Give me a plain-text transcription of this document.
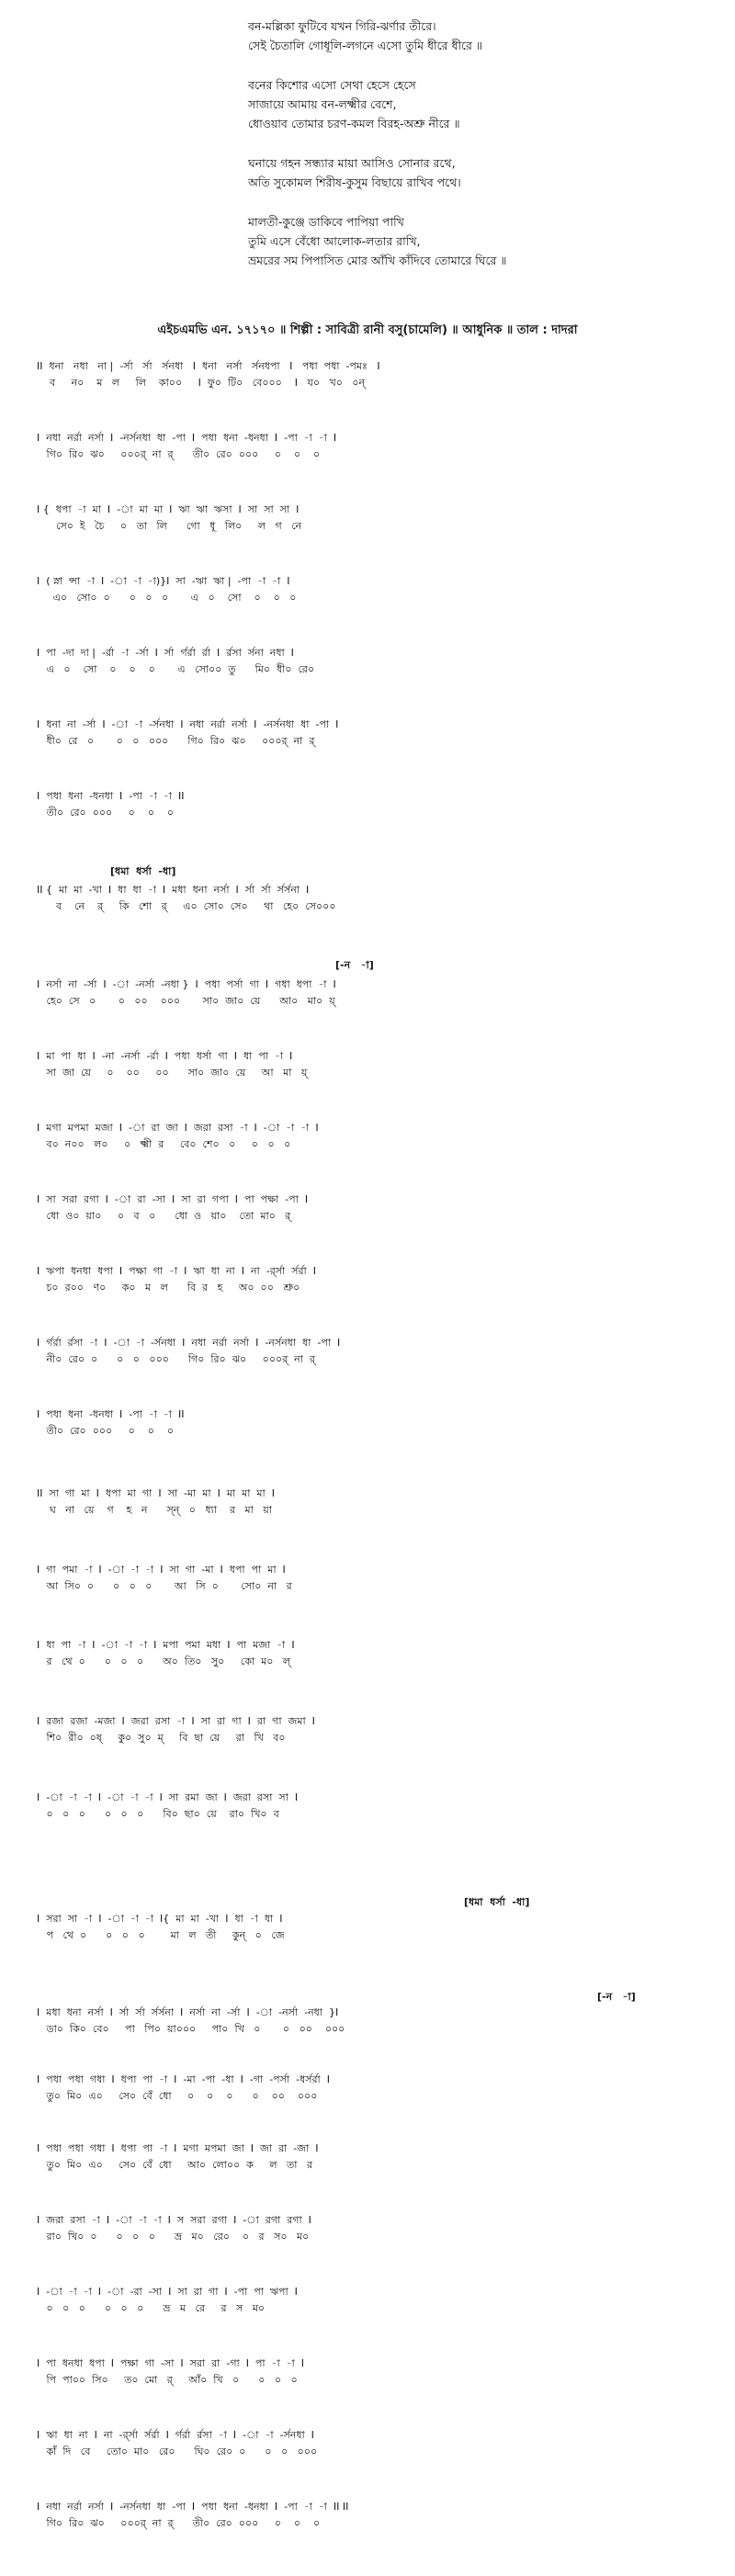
বন-মল্লিকা ফুটিবে যখন গিরি-ঝর্ণার তীরে।
সেই চৈতালি গোধূলি-লগনে এসো তুমি ধীরে ধীরে ॥
বনের কিশোর এসো সেথা হেসে হেসে
সাজায়ে আমায় বন-লক্ষ্মীর বেশে,
ধোওয়াব তোমার চরণ-কমল বিরহ-অশ্রু নীরে ॥
ঘনায়ে গহন সন্ধ্যার মায়া আসিও সোনার রথে,
অতি সুকোমল শিরীষ-কুসুম বিছায়ে রাখিব পথে।
মালতী-কুঞ্জে ডাকিবে পাপিয়া পাখি
তুমি এসে বেঁধো আলোক-লতার রাখি,
ভ্রমরের সম পিপাসিত মোর আঁখি কাঁদিবে তোমারে ঘিরে ॥
এইচএমভি এন. ১৭১৭০ ॥ শিল্পী : সাবিত্রী রানী বসু(চামেলি) ॥ আধুনিক ॥ তাল : দাদরা
[ধমা  ধর্সা  -ধা]
[-ন   -া]
[ধমা  ধর্সা  -ধা]
[-ন   -া]
II  ধনা   নধা   না |  -র্সা   র্সা   র্সনধা   I  ধনা   নর্সা   র্সনধপা   I   পধা  পধা  -পমঃ   I
ব     ন০    ম   ল     লি    কা০০     I  ফু০  টি০   বে০০০    I   য০   খ০   ০ন্
I  নধা  নর্রা  নর্সা  I  -নর্সনধা  ধা  -পা  I  পধা  ধনা  -ধনধা  I  -পা  -া  -া  I
গি০  রি০  ঝ০     ০০০র্  না  র্      তী০  রে০  ০০০     ০    ০    ০
I {  ধপা  -া  মা  I  -া  মা  মা  I  ঋা  ঋা  ঋসা  I  সা  সা  সা  I
সে০  ই   চৈ     ০   তা   লি      গো   ধূ   লি০     ল   গ   নে
I  ( স্না  ন্সা  -া  I  -া  -া  -া)}I  সা  -ঋা  ঋা |  -পা  -া  -া  I
এ০   সো০  ০      ০   ০   ০       এ   ০    সো    ০    ০   ০
I  পা  -দা  দা |  -র্রা  -া  -র্সা  I  র্সা  র্গর্রা  র্রা  I  র্রসা  র্সনা  নধা  I
এ   ০    সো    ০    ০    ০       এ   সো০০  তু      মি০  ধী০  রে০
I  ধনা  না  -র্সা  I  -া  -া  -র্সনধা  I  নধা  নর্রা  নর্সা  I  -নর্সনধা  ধা  -পা  I
ধী০  রে   ০       ০   ০   ০০০      গি০  রি০  ঝ০     ০০০র্  না  র্
I  পধা  ধনা  -ধনধা  I  -পা  -া  -া  II
তী০  রে০  ০০০     ০    ০    ০
II {  মা  মা  -খা  I  ধা  ধা  -া  I  মধা  ধনা  নর্সা  I  র্সা  র্সা  র্সর্সনা  I
ব    নে    র্     কি   শো   র্     এ০  সো০  সে০     থা   হে০  সে০০০
I  নর্সা  না  -র্সা  I  -া  -নর্সা  -নধা }  I  পধা  পর্সা  গা  I  গধা  ধপা  -া  I
হে০  সে   ০       ০   ০০    ০০০       সা০  জা০  য়ে      আ০   মা০  য়্
I  মা  পা  ধা  I  -না  -নর্সা  -র্রা  I  পধা  ধর্সা  গা  I  ধা  পা  -া  I
সা  জা  য়ে     ০    ০০     ০০      সা০  জা০  য়ে     আ   মা   য়্
I  মগা  মপমা  মজা  I  -া  রা  জা  I  জরা  রসা  -া  I  -া  -া  -া  I
ব০  ন০০   ল০     ০   ক্ষ্মী  র     বে০  শে০   ০     ০   ০   ০
I  সা  সরা  রগা  I  -া  রা  -সা  I  সা  রা  গপা  I  পা  পক্ষা  -পা  I
ধো  ও০  য়া০     ০   ব   ০      ধো  ও   য়া০    তো  মা০   র্
I  ঋপা  ধনধা  ধপা  I  পক্ষা  গা  -া  I  ঋা  ধা  না  I  না  -র্র্সা  র্সর্রা  I
চ০  র০০   ণ০     ক০   ম   ল      বি  র   হ     অ০  ০০   শ্রু০
I  র্গর্রা  র্রসা  -া  I  -া  -া  -র্সনধা  I  নধা  নর্রা  নর্সা  I  -নর্সনধা  ধা  -পা  I
নী০  রে০  ০      ০   ০   ০০০      গি০  রি০  ঝ০     ০০০র্  না  র্
I  পধা  ধনা  -ধনধা  I  -পা  -া  -া  II
তী০  রে০  ০০০     ০    ০    ০
II  সা  গা  মা  I  ধপা  মা  গা  I  সা  -মা  মা  I  মা  মা  মা  I
ঘ   না   য়ে    গ    হ   ন      স্ন্   ০   ধ্যা    র   মা   য়া
I  গা  পমা  -া  I  -া  -া  -া  I  সা  গা  -মা  I  ধপা  পা  মা  I
আ  সি০  ০      ০   ০   ০       আ   সি  ০       সো০  না   র
I  ধা  পা  -া  I  -া  -া  -া  I  মপা  পমা  মধা  I  পা  মজা  -া  I
র   থে  ০      ০   ০   ০      অ০  তি০   সু০     কো  ম০   ল্
I  রজা  রজা  -মজা  I  জরা  রসা  -া  I  সা  রা  গা  I  রা  গা  জমা  I
শি০  রী০  ০ষ্     কু০  সু০  ম্     বি  ছা  য়ে     রা   খি   ব০
I  -া  -া  -া  I  -া  -া  -া  I  সা  রমা  জা  I  জরা  রসা  সা  I
০   ০   ০      ০   ০   ০      বি০  ছা০  য়ে    রা০  খি০  ব
I  সরা  সা  -া  I  -া  -া  -া  I{  মা  মা  -খা  I  ধা  -া  ধা  I
প   থে  ০      ০   ০   ০        মা   ল   তী     কুন্   ০   জে
I  মধা  ধনা  নর্সা  I  র্সা  র্সা  র্সর্সনা  I  নর্সা  না  -র্সা  I  -া  -নর্সা  -নধা  }I
ডা০  কি০  বে০     পা   পি০  য়া০০০     পা০  খি   ০       ০   ০০    ০০০
I  পধা  পধা  গধা  I  ধপা  পা  -া  I  -মা  -পা  -ধা  I  -গা  -পর্সা  -ধর্সর্রা  I
তু০  মি০  এ০     সে০  বেঁ  ধো     ০    ০    ০      ০    ০০    ০০০
I  পধা  পধা  গধা  I  ধপা  পা  -া  I  মগা  মপমা  জা  I  জা  রা  -জা  I
তু০  মি০  এ০     সে০  বেঁ  ধো     আ০  লো০০  ক     ল   তা   র
I  জরা  রসা  -া  I  -া  -া  -া  I  স  সরা  রগা  I  -া  রগা  রগা  I
রা০  খি০  ০      ০   ০   ০      ভ্র   ম০   রে০    ০   র   স০   ম০
I  -া  -া  -া  I  -া  -রা  -সা  I  সা  রা  গা  I  -পা  পা  ঋপা  I
০   ০   ০      ০   ০   ০      ভ্র   ম   রে     র   স   ম০
I  পা  ধনধা  ধপা  I  পক্ষা  গা  -সা  I  সরা  রা  -গা  I  পা  -া  -া  I
পি  পা০০  সি০     ত০  মো   র্     আঁ০  খি   ০      ০   ০   ০
I  ঋা  ধা  না  I  না  -র্র্সা  র্সর্রা  I  র্গর্রা  র্রসা  -া  I  -া  -া  -র্সনধা  I
কাঁ  দি   বে     তো০  মা০   রে০      ঘি০  রে০  ০      ০   ০   ০০০
I  নধা  নর্রা  নর্সা  I  -নর্সনধা  ধা  -পা  I  পধা  ধনা  -ধনধা  I  -পা  -া  -া  II II
গি০  রি০  ঝ০     ০০০র্  না  র্      তী০  রে০  ০০০     ০    ০    ০
